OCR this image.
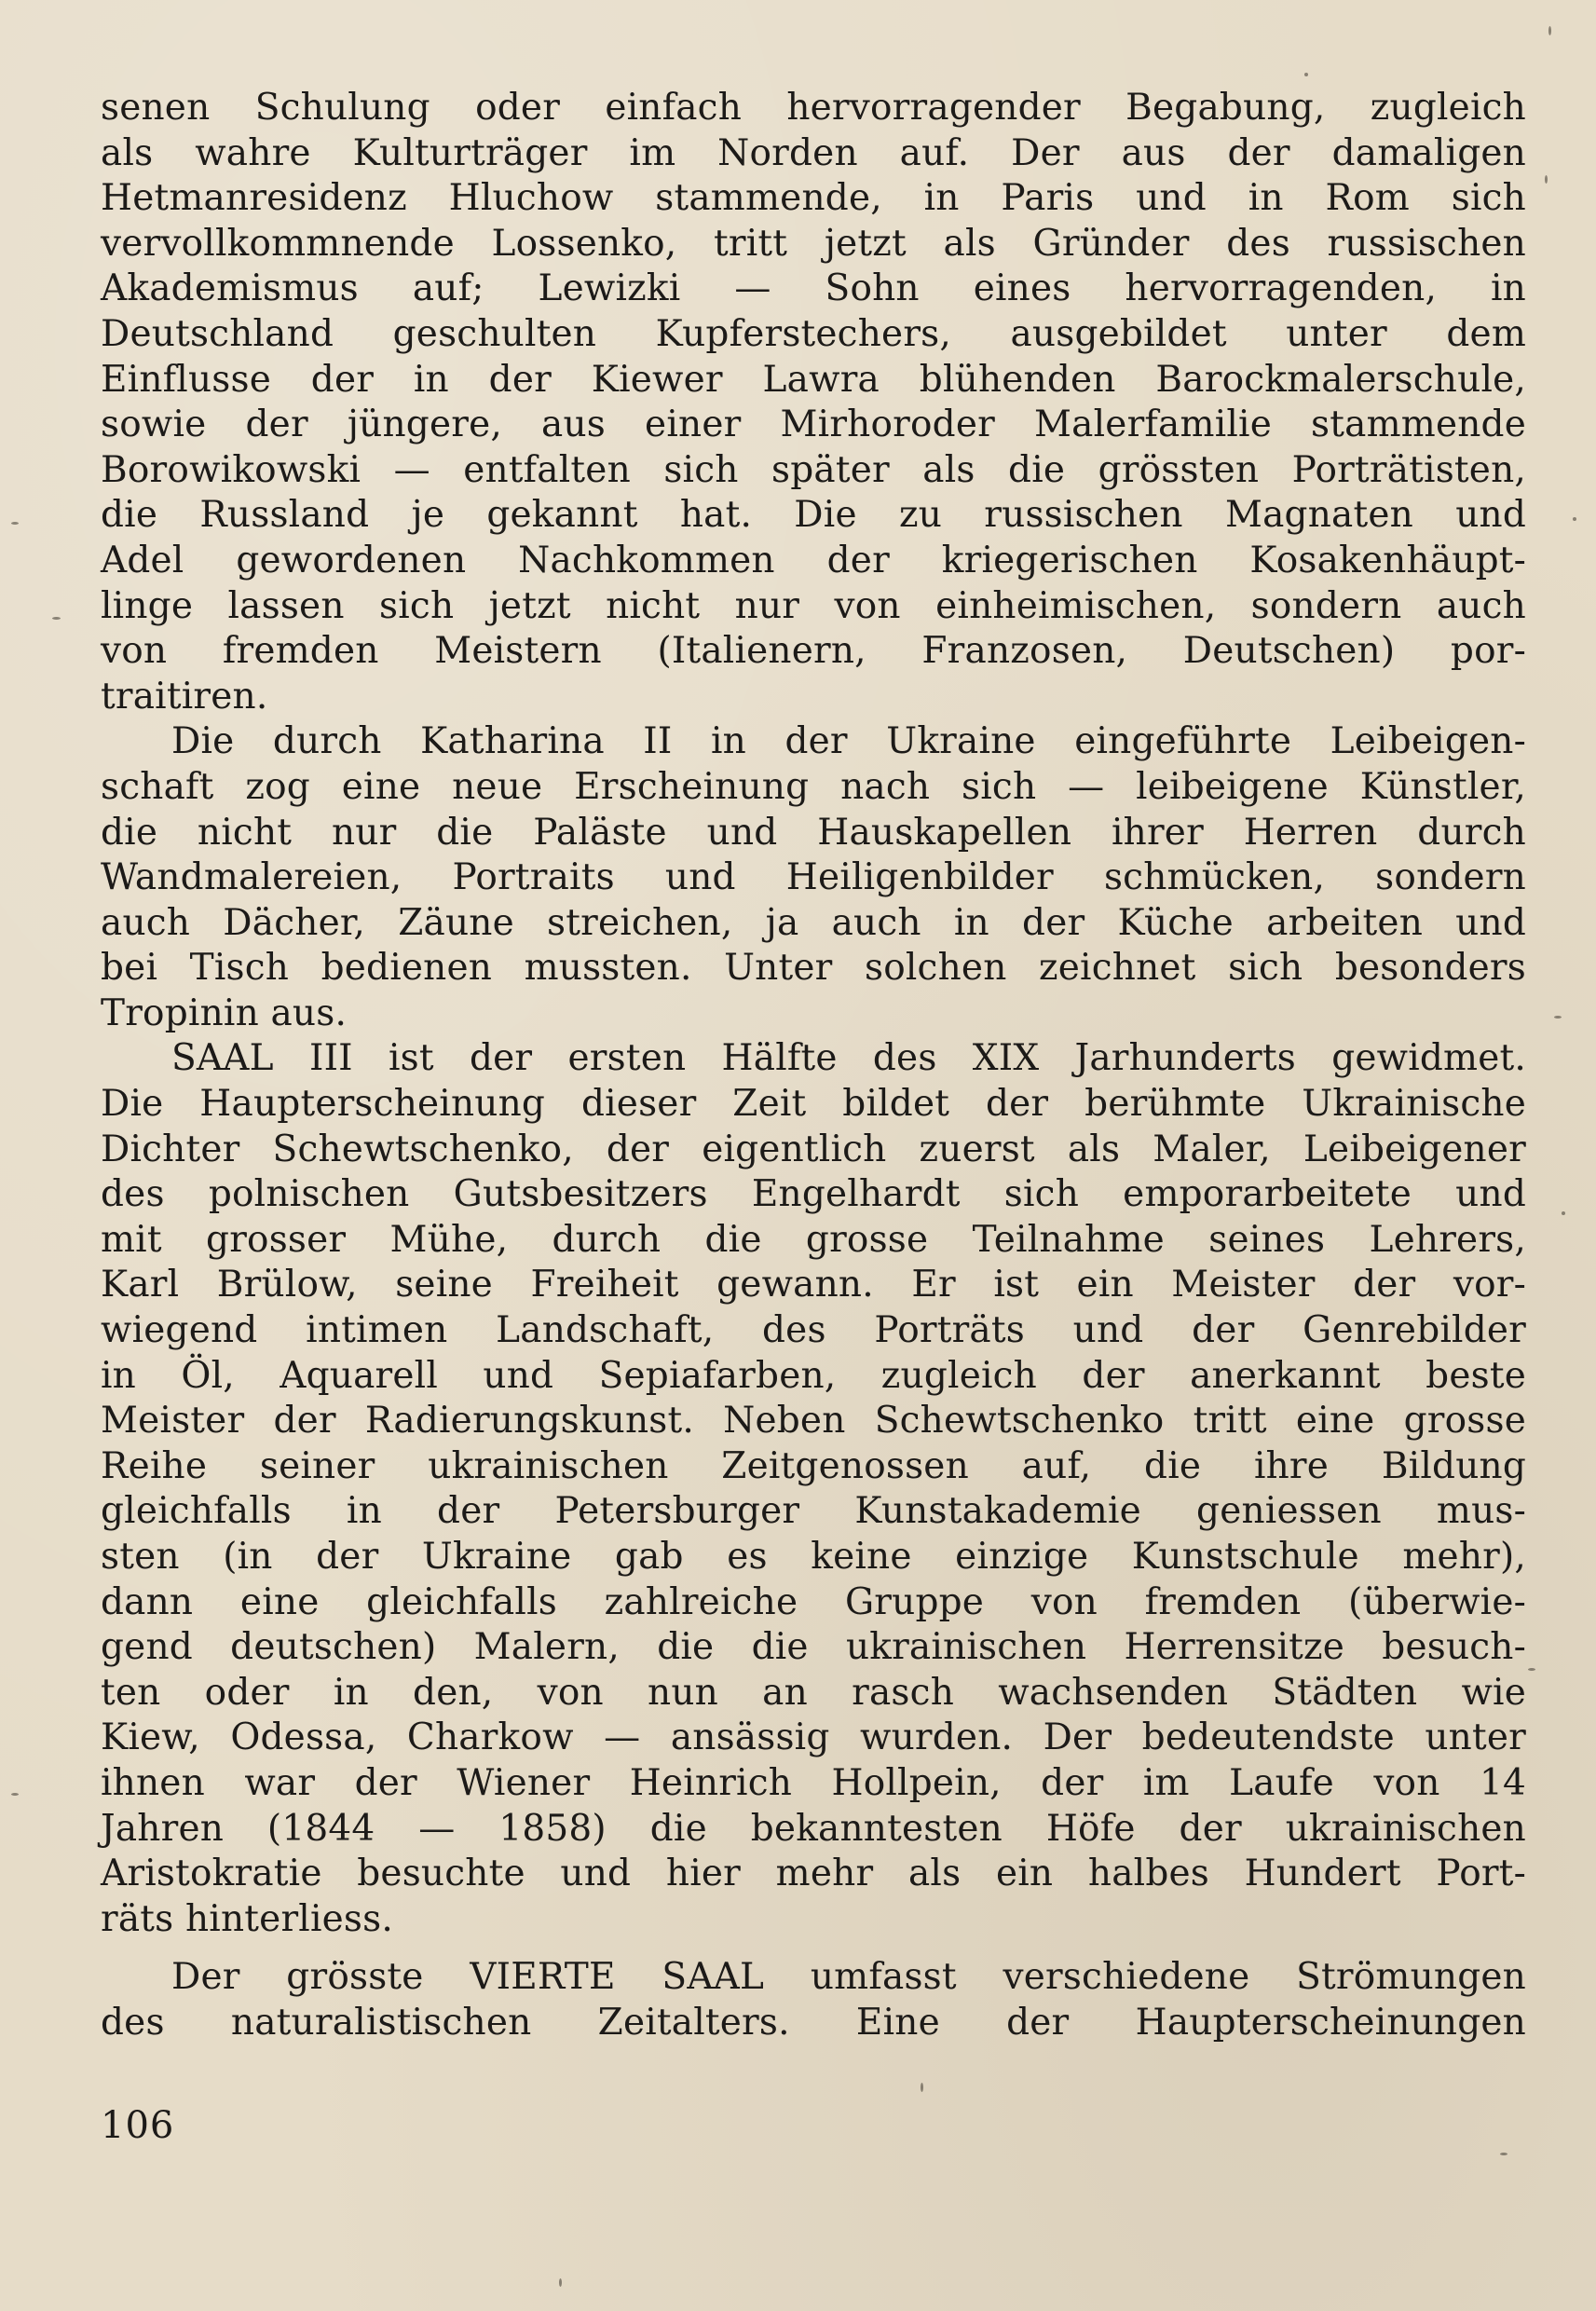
senen Schulung oder einfach hervorragender Begabung, zugleich
als wahre Kulturträger im Norden auf. Der aus der damaligen
Hetmanresidenz Hluchow stammende, in Paris und in Rom sich
vervollkommnende Lossenko, tritt jetzt als Gründer des russischen
Akademismus auf; Lewizki — Sohn eines hervorragenden, in
Deutschland geschulten Kupferstechers, ausgebildet unter dem
Einflusse der in der Kiewer Lawra blühenden Barockmalerschule,
sowie der jüngere, aus einer Mirhoroder Malerfamilie stammende
Borowikowski — entfalten sich später als die grössten Porträtisten,
die Russland je gekannt hat. Die zu russischen Magnaten und
Adel gewordenen Nachkommen der kriegerischen Kosakenhäupt-
linge lassen sich jetzt nicht nur von einheimischen, sondern auch
von fremden Meistern (Italienern, Franzosen, Deutschen) por-
traitiren.
Die durch Katharina II in der Ukraine eingeführte Leibeigen-
schaft zog eine neue Erscheinung nach sich — leibeigene Künstler,
die nicht nur die Paläste und Hauskapellen ihrer Herren durch
Wandmalereien, Portraits und Heiligenbilder schmücken, sondern
auch Dächer, Zäune streichen, ja auch in der Küche arbeiten und
bei Tisch bedienen mussten. Unter solchen zeichnet sich besonders
Tropinin aus.
SAAL III ist der ersten Hälfte des XIX Jarhunderts gewidmet.
Die Haupterscheinung dieser Zeit bildet der berühmte Ukrainische
Dichter Schewtschenko, der eigentlich zuerst als Maler, Leibeigener
des polnischen Gutsbesitzers Engelhardt sich emporarbeitete und
mit grosser Mühe, durch die grosse Teilnahme seines Lehrers,
Karl Brülow, seine Freiheit gewann. Er ist ein Meister der vor-
wiegend intimen Landschaft, des Porträts und der Genrebilder
in Öl, Aquarell und Sepiafarben, zugleich der anerkannt beste
Meister der Radierungskunst. Neben Schewtschenko tritt eine grosse
Reihe seiner ukrainischen Zeitgenossen auf, die ihre Bildung
gleichfalls in der Petersburger Kunstakademie geniessen mus-
sten (in der Ukraine gab es keine einzige Kunstschule mehr),
dann eine gleichfalls zahlreiche Gruppe von fremden (überwie-
gend deutschen) Malern, die die ukrainischen Herrensitze besuch-
ten oder in den, von nun an rasch wachsenden Städten wie
Kiew, Odessa, Charkow — ansässig wurden. Der bedeutendste unter
ihnen war der Wiener Heinrich Hollpein, der im Laufe von 14
Jahren (1844 — 1858) die bekanntesten Höfe der ukrainischen
Aristokratie besuchte und hier mehr als ein halbes Hundert Port-
räts hinterliess.
Der grösste VIERTE SAAL umfasst verschiedene Strömungen
des naturalistischen Zeitalters. Eine der Haupterscheinungen
106
